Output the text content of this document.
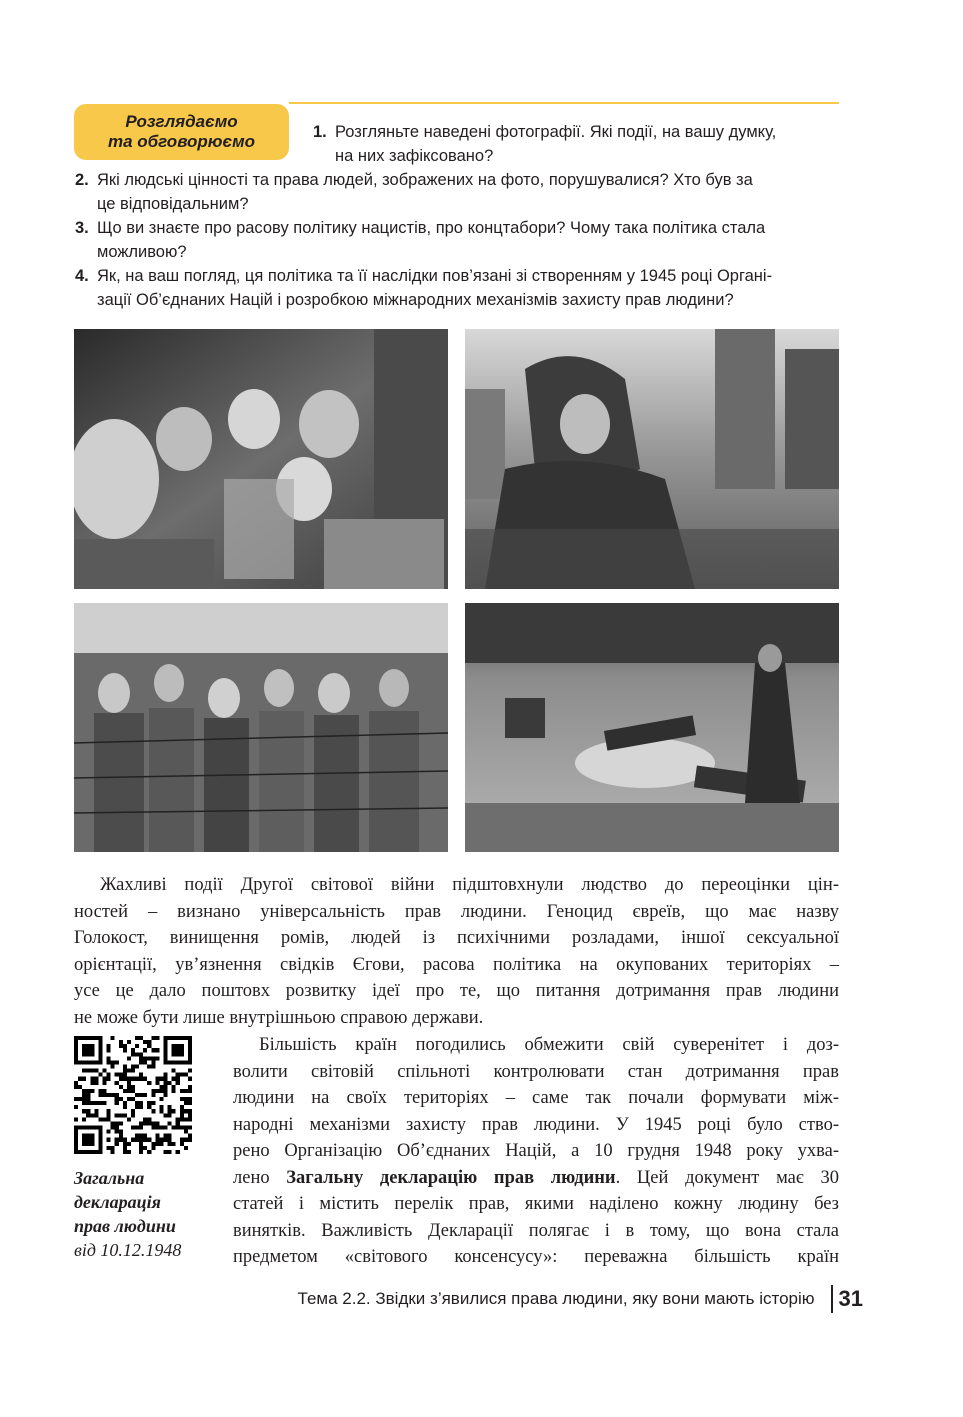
Розглядаємо
та обговорюємо	1. Розгляньте наведені фотографії. Які події, на вашу думку,
на них зафіксовано?
2. Які людські цінності та права людей, зображених на фото, порушувалися? Хто був за
це відповідальним?
3. Що ви знаєте про расову політику нацистів, про концтабори? Чому така політика стала
можливою?
4. Як, на ваш погляд, ця політика та її наслідки пов’язані зі створенням у 1945 році Органі-
зації Об’єднаних Націй і розробкою міжнародних механізмів захисту прав людини?
Жахливі події Другої світової війни підштовхнули людство до переоцінки цін-
ностей – визнано універсальність прав людини. Геноцид євреїв, що має назву
Голокост, винищення ромів, людей із психічними розладами, іншої сексуальної
орієнтації, ув’язнення свідків Єгови, расова політика на окупованих територіях –
усе це дало поштовх розвитку ідеї про те, що питання дотримання прав людини
не може бути лише внутрішньою справою держави.
Загальна
декларація
прав людини
від 10.12.1948
Більшість країн погодились обмежити свій суверенітет і доз-
волити світовій спільноті контролювати стан дотримання прав
людини на своїх територіях – саме так почали формувати між-
народні механізми захисту прав людини. У 1945 році було ство-
рено Організацію Об’єднаних Націй, а 10 грудня 1948 року ухва-
лено Загальну декларацію прав людини. Цей документ має 30
статей і містить перелік прав, якими наділено кожну людину без
винятків. Важливість Декларації полягає і в тому, що вона стала
предметом «світового консенсусу»: переважна більшість країн
Тема 2.2. Звідки з’явилися права людини, яку вони мають історію 31
